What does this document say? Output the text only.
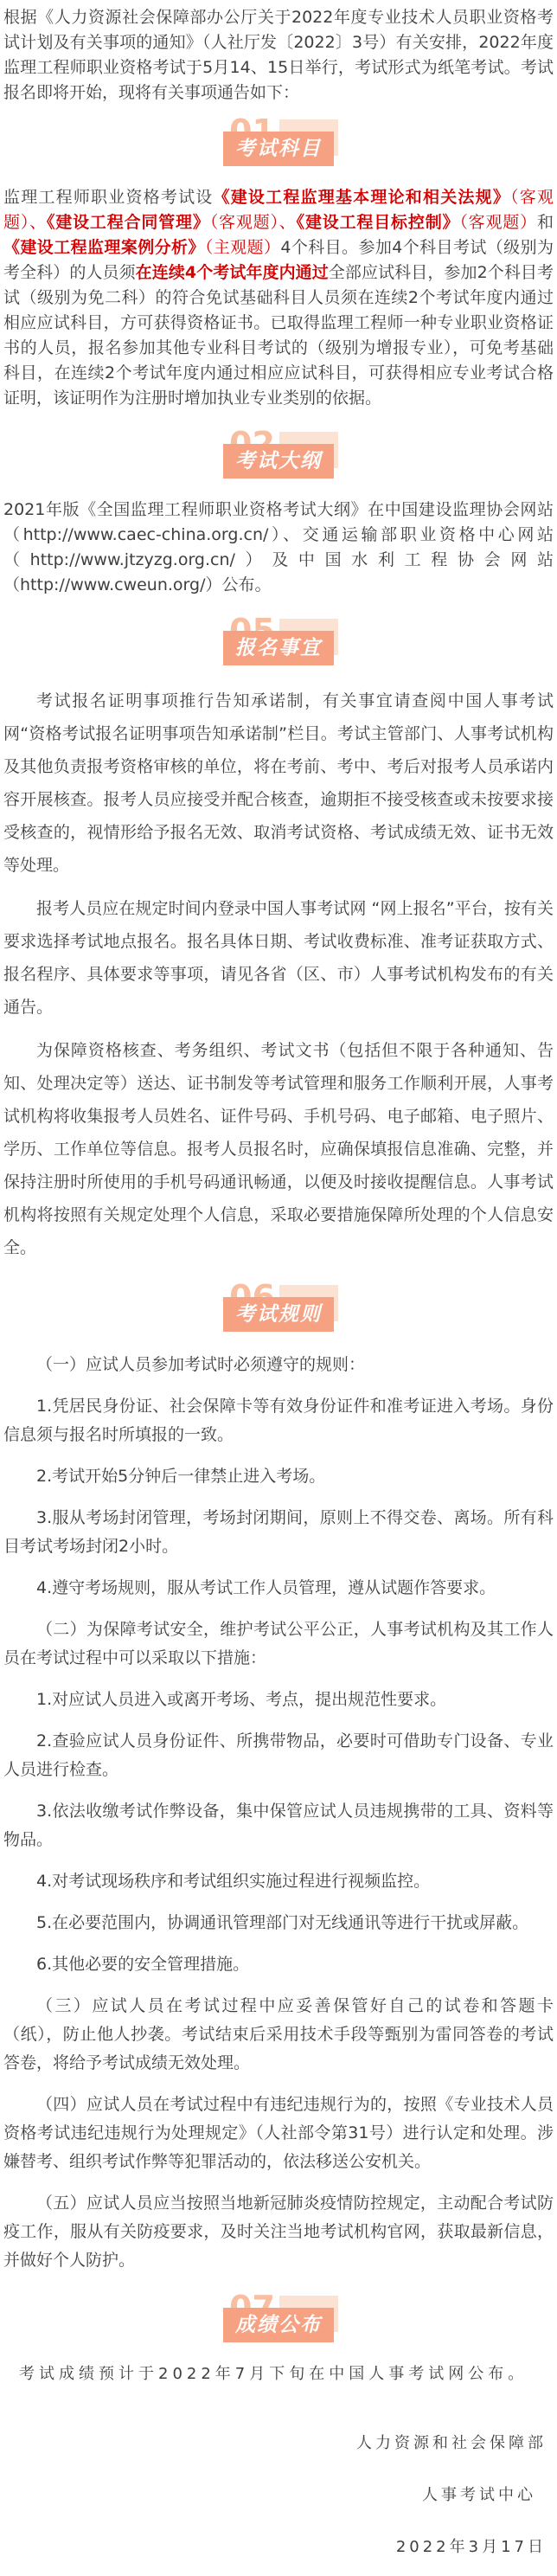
根据《人力资源社会保障部办公厅关于2022年度专业技术人员职业资格考试计划及有关事项的通知》（人社厅发〔2022〕3号）有关安排，2022年度监理工程师职业资格考试于5月14、15日举行，考试形式为纸笔考试。考试报名即将开始，现将有关事项通告如下：

考试科目

监理工程师职业资格考试设《建设工程监理基本理论和相关法规》（客观题）、《建设工程合同管理》（客观题）、《建设工程目标控制》（客观题）和《建设工程监理案例分析》（主观题）4个科目。参加4个科目考试（级别为考全科）的人员须在连续4个考试年度内通过全部应试科目，参加2个科目考试（级别为免二科）的符合免试基础科目人员须在连续2个考试年度内通过相应应试科目，方可获得资格证书。已取得监理工程师一种专业职业资格证书的人员，报名参加其他专业科目考试的（级别为增报专业），可免考基础科目，在连续2个考试年度内通过相应应试科目，可获得相应专业考试合格证明，该证明作为注册时增加执业专业类别的依据。

考试大纲

2021年版《全国监理工程师职业资格考试大纲》在中国建设监理协会网站（http://www.caec-china.org.cn/）、交通运输部职业资格中心网站（http://www.jtzyzg.org.cn/）及中国水利工程协会网站（http://www.cweun.org/）公布。

报名事宜

考试报名证明事项推行告知承诺制，有关事宜请查阅中国人事考试网“资格考试报名证明事项告知承诺制”栏目。考试主管部门、人事考试机构及其他负责报考资格审核的单位，将在考前、考中、考后对报考人员承诺内容开展核查。报考人员应接受并配合核查，逾期拒不接受核查或未按要求接受核查的，视情形给予报名无效、取消考试资格、考试成绩无效、证书无效等处理。

报考人员应在规定时间内登录中国人事考试网 “网上报名”平台，按有关要求选择考试地点报名。报名具体日期、考试收费标准、准考证获取方式、报名程序、具体要求等事项，请见各省（区、市）人事考试机构发布的有关通告。

为保障资格核查、考务组织、考试文书（包括但不限于各种通知、告知、处理决定等）送达、证书制发等考试管理和服务工作顺利开展，人事考试机构将收集报考人员姓名、证件号码、手机号码、电子邮箱、电子照片、学历、工作单位等信息。报考人员报名时，应确保填报信息准确、完整，并保持注册时所使用的手机号码通讯畅通，以便及时接收提醒信息。人事考试机构将按照有关规定处理个人信息，采取必要措施保障所处理的个人信息安全。

考试规则

（一）应试人员参加考试时必须遵守的规则：

1.凭居民身份证、社会保障卡等有效身份证件和准考证进入考场。身份信息须与报名时所填报的一致。

2.考试开始5分钟后一律禁止进入考场。

3.服从考场封闭管理，考场封闭期间，原则上不得交卷、离场。所有科目考试考场封闭2小时。

4.遵守考场规则，服从考试工作人员管理，遵从试题作答要求。

（二）为保障考试安全，维护考试公平公正，人事考试机构及其工作人员在考试过程中可以采取以下措施：

1.对应试人员进入或离开考场、考点，提出规范性要求。

2.查验应试人员身份证件、所携带物品，必要时可借助专门设备、专业人员进行检查。

3.依法收缴考试作弊设备，集中保管应试人员违规携带的工具、资料等物品。

4.对考试现场秩序和考试组织实施过程进行视频监控。

5.在必要范围内，协调通讯管理部门对无线通讯等进行干扰或屏蔽。

6.其他必要的安全管理措施。

（三）应试人员在考试过程中应妥善保管好自己的试卷和答题卡（纸），防止他人抄袭。考试结束后采用技术手段等甄别为雷同答卷的考试答卷，将给予考试成绩无效处理。

（四）应试人员在考试过程中有违纪违规行为的，按照《专业技术人员资格考试违纪违规行为处理规定》（人社部令第31号）进行认定和处理。涉嫌替考、组织考试作弊等犯罪活动的，依法移送公安机关。

（五）应试人员应当按照当地新冠肺炎疫情防控规定，主动配合考试防疫工作，服从有关防疫要求，及时关注当地考试机构官网，获取最新信息，并做好个人防护。

成绩公布

考试成绩预计于2022年7月下旬在中国人事考试网公布。

人力资源和社会保障部

人事考试中心

2022年3月17日
